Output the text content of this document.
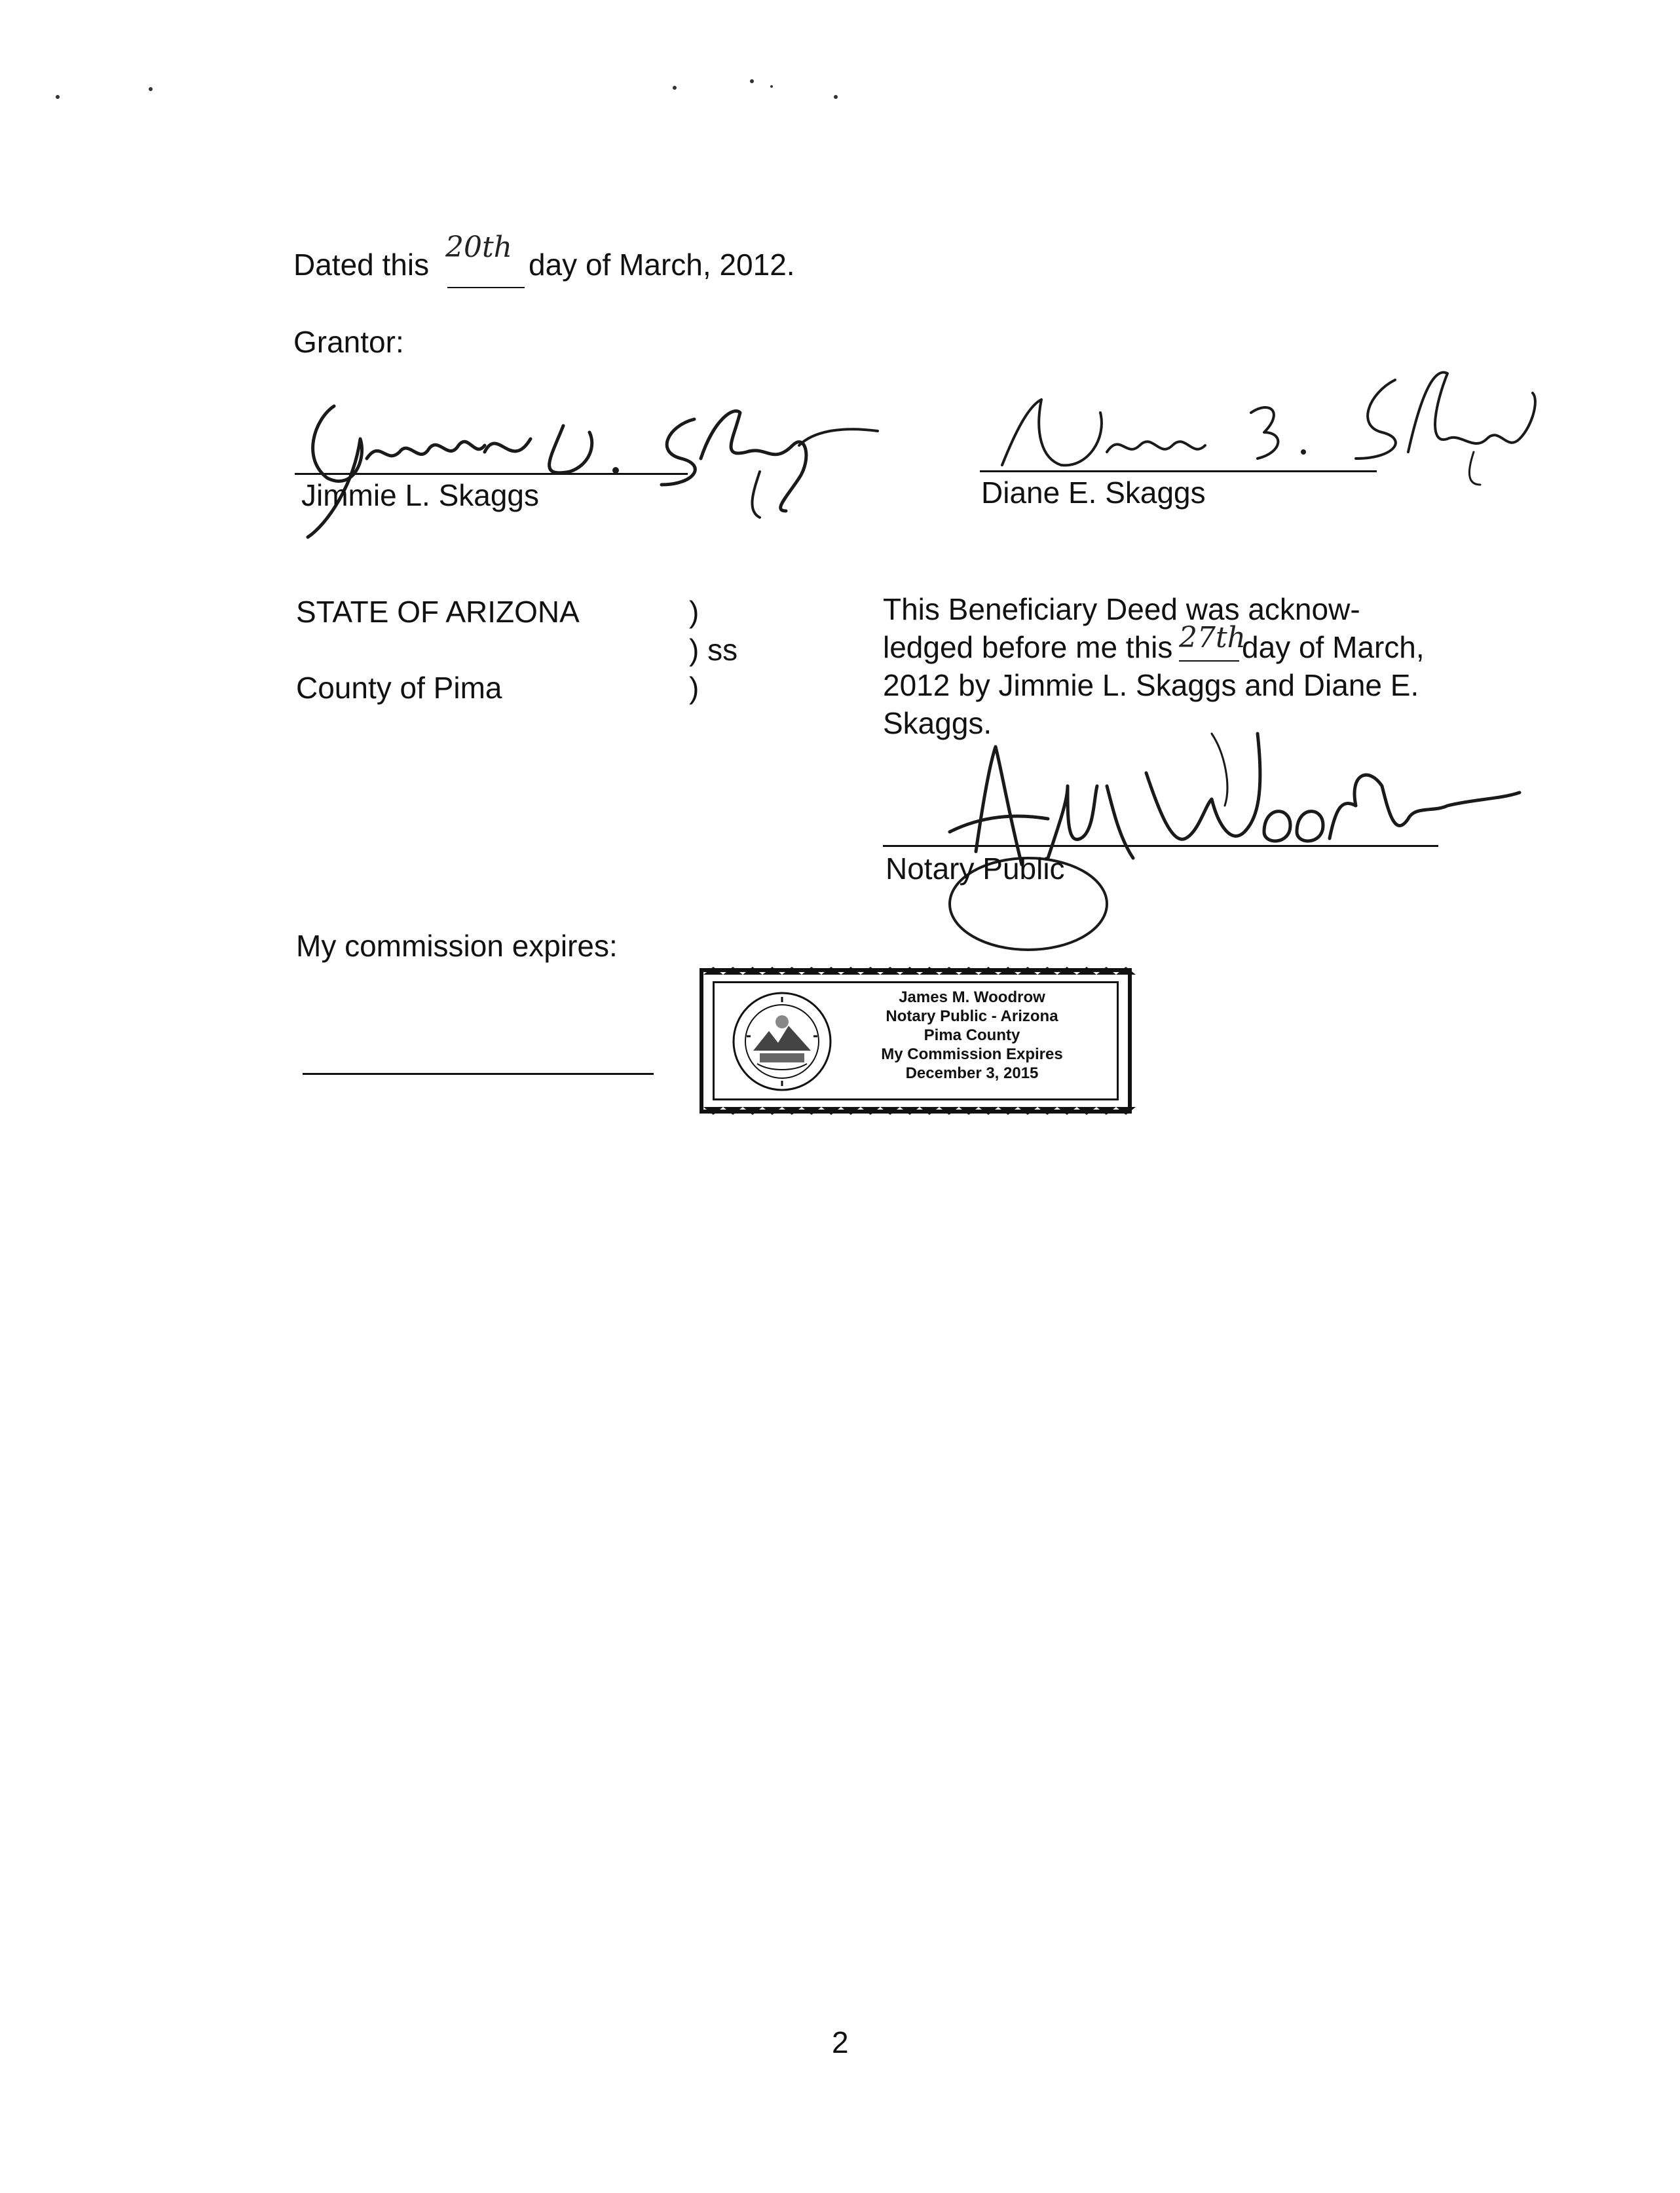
Dated this
20th
day of March, 2012.
Grantor:
Jimmie L. Skaggs	Diane E. Skaggs
STATE OF ARIZONA
County of Pima
)
) ss
)
This Beneficiary Deed was acknow-
ledged before me this 27th
day of March,
2012 by Jimmie L. Skaggs and Diane E.
Skaggs.
Notary Public
My commission expires:
James M. Woodrow
Notary Public - Arizona
Pima County
My Commission Expires
December 3, 2015
2
